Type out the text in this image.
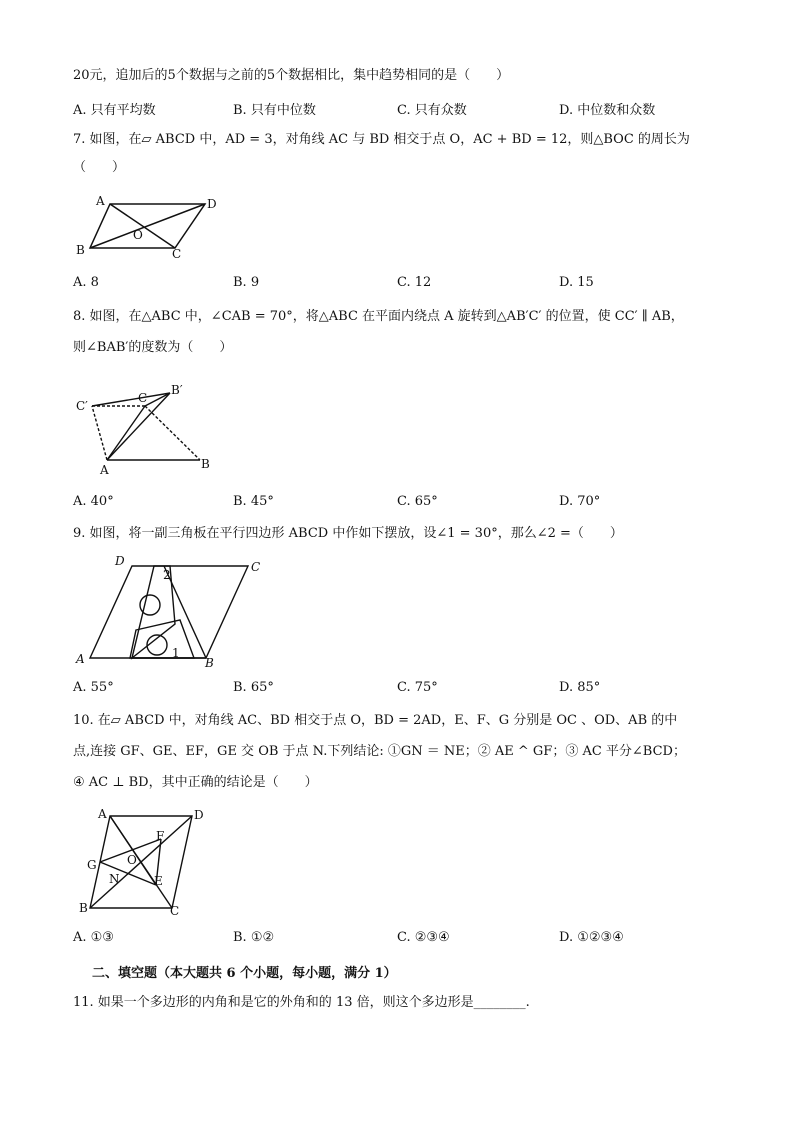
20元，追加后的5个数据与之前的5个数据相比，集中趋势相同的是（　　）
A. 只有平均数	B. 只有中位数	C. 只有众数	D. 中位数和众数
7. 如图，在▱ ABCD 中，AD = 3，对角线 AC 与 BD 相交于点 O，AC + BD = 12，则△BOC 的周长为
（　　）
A	D
O
B	C
A. 8	B. 9	C. 12	D. 15
8. 如图，在△ABC 中，∠CAB = 70°，将△ABC 在平面内绕点 A 旋转到△AB′C′ 的位置，使 CC′ ∥ AB，
则∠BAB′的度数为（　　）
C′
C
B′
A	B
A. 40°	B. 45°	C. 65°	D. 70°
9. 如图，将一副三角板在平行四边形 ABCD 中作如下摆放，设∠1 = 30°，那么∠2 =（　　）
D	C
A	B
2
1
A. 55°	B. 65°	C. 75°	D. 85°
10. 在▱ ABCD 中，对角线 AC、BD 相交于点 O，BD = 2AD，E、F、G 分别是 OC 、OD、AB 的中
点,连接 GF、GE、EF，GE 交 OB 于点 N.下列结论: ①GN ＝ NE；② AE ^ GF；③ AC 平分∠BCD；
④ AC ⊥ BD，其中正确的结论是（　　）
A	D
F
G	O
N	E
B	C
A. ①③	B. ①②	C. ②③④	D. ①②③④
二、填空题（本大题共 6 个小题，每小题，满分 1）
11. 如果一个多边形的内角和是它的外角和的 13 倍，则这个多边形是________.
